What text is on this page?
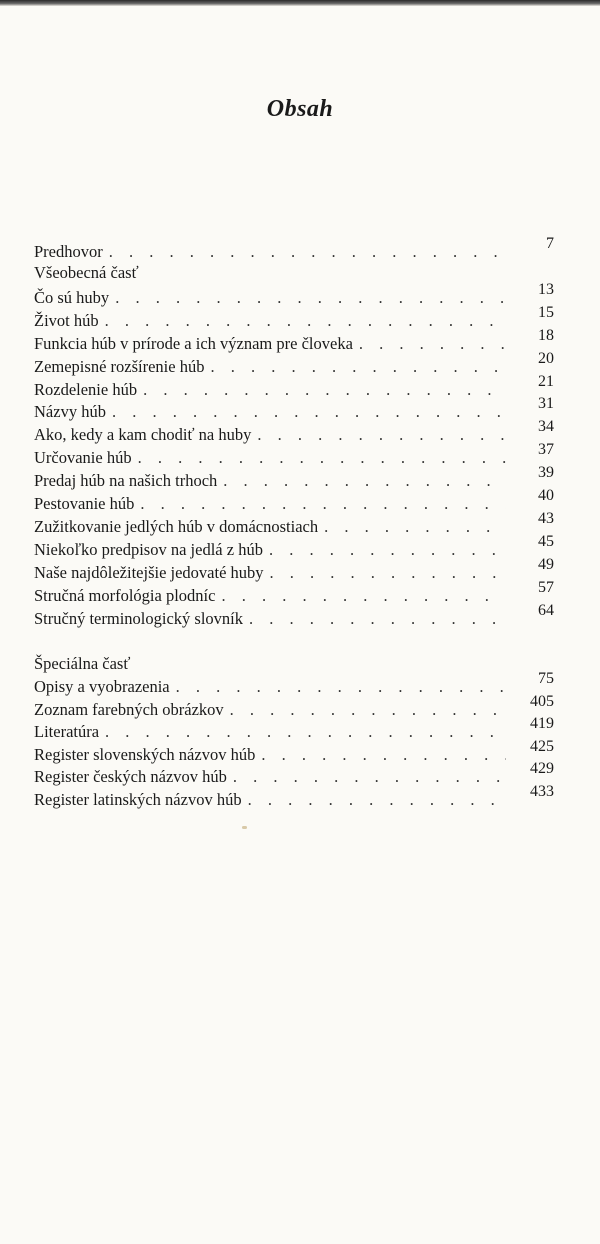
Obsah
Predhovor . . .	7
Všeobecná časť
Čo sú huby . . .	13
Život húb . . .	15
Funkcia húb v prírode a ich význam pre človeka . . .	18
Zemepisné rozšírenie húb . . .	20
Rozdelenie húb . . .	21
Názvy húb . . .	31
Ako, kedy a kam chodiť na huby . . .	34
Určovanie húb . . .	37
Predaj húb na našich trhoch . . .	39
Pestovanie húb . . .	40
Zužitkovanie jedlých húb v domácnostiach . . .	43
Niekoľko predpisov na jedlá z húb . . .	45
Naše najdôležitejšie jedovaté huby . . .	49
Stručná morfológia plodníc . . .	57
Stručný terminologický slovník . . .	64
Špeciálna časť
Opisy a vyobrazenia . . .	75
Zoznam farebných obrázkov . . .	405
Literatúra . . .	419
Register slovenských názvov húb . . .	425
Register českých názvov húb . . .	429
Register latinských názvov húb . . .	433
